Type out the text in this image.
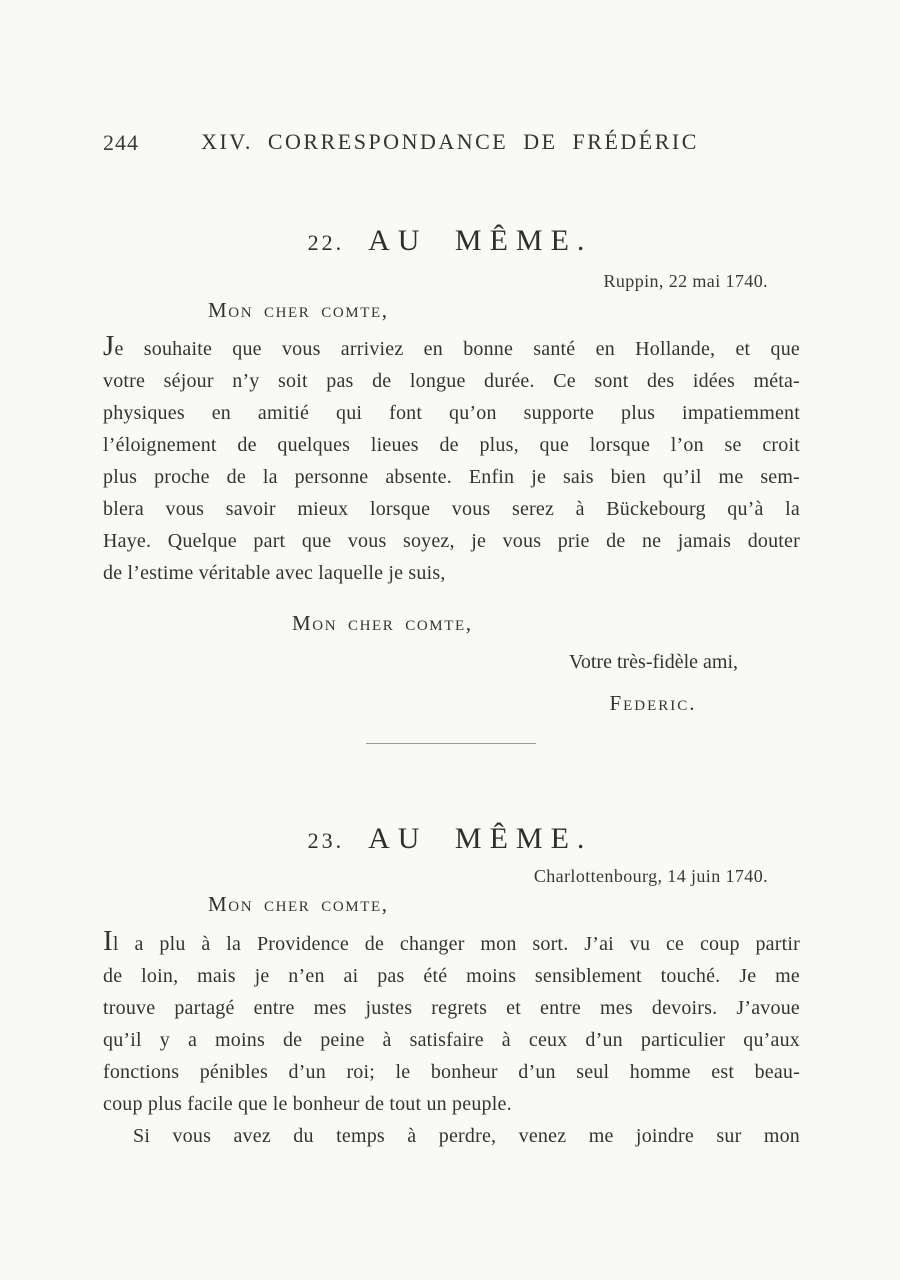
244	XIV. CORRESPONDANCE DE FRÉDÉRIC
22. AU MÊME.
Ruppin, 22 mai 1740.
Mon cher comte,
Je souhaite que vous arriviez en bonne santé en Hollande, et que
votre séjour n’y soit pas de longue durée. Ce sont des idées méta-
physiques en amitié qui font qu’on supporte plus impatiemment
l’éloignement de quelques lieues de plus, que lorsque l’on se croit
plus proche de la personne absente. Enfin je sais bien qu’il me sem-
blera vous savoir mieux lorsque vous serez à Bückebourg qu’à la
Haye. Quelque part que vous soyez, je vous prie de ne jamais douter
de l’estime véritable avec laquelle je suis,
Mon cher comte,
Votre très-fidèle ami,
Federic.
23. AU MÊME.
Charlottenbourg, 14 juin 1740.
Mon cher comte,
Il a plu à la Providence de changer mon sort. J’ai vu ce coup partir
de loin, mais je n’en ai pas été moins sensiblement touché. Je me
trouve partagé entre mes justes regrets et entre mes devoirs. J’avoue
qu’il y a moins de peine à satisfaire à ceux d’un particulier qu’aux
fonctions pénibles d’un roi; le bonheur d’un seul homme est beau-
coup plus facile que le bonheur de tout un peuple.
Si vous avez du temps à perdre, venez me joindre sur mon
